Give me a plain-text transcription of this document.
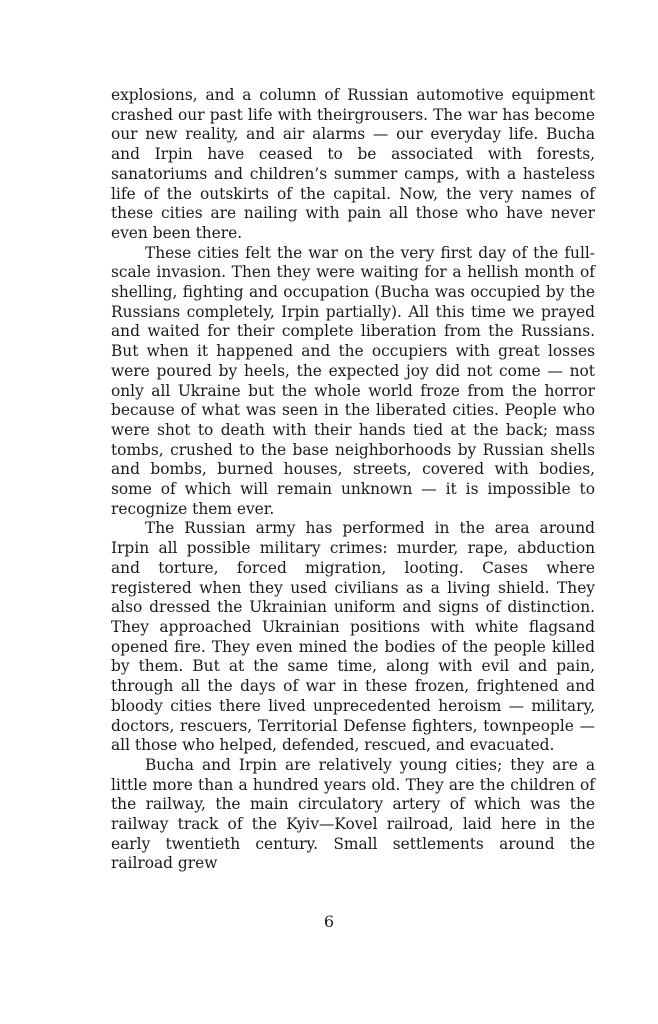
explosions, and a column of Russian automotive equipment crashed our past life with theirgrousers. The war has become our new reality, and air alarms — our everyday life. Bucha and Irpin have ceased to be associated with forests, sanatoriums and children’s summer camps, with a hasteless life of the outskirts of the capital. Now, the very names of these cities are nailing with pain all those who have never even been there.

These cities felt the war on the very first day of the full-scale invasion. Then they were waiting for a hellish month of shelling, fighting and occupation (Bucha was occupied by the Russians completely, Irpin partially). All this time we prayed and waited for their complete liberation from the Russians. But when it happened and the occupiers with great losses were poured by heels, the expected joy did not come — not only all Ukraine but the whole world froze from the horror because of what was seen in the liberated cities. People who were shot to death with their hands tied at the back; mass tombs, crushed to the base neighborhoods by Russian shells and bombs, burned houses, streets, covered with bodies, some of which will remain unknown — it is impossible to recognize them ever.

The Russian army has performed in the area around Irpin all possible military crimes: murder, rape, abduction and torture, forced migration, looting. Cases where registered when they used civilians as a living shield. They also dressed the Ukrainian uniform and signs of distinction. They approached Ukrainian positions with white flagsand opened fire. They even mined the bodies of the people killed by them. But at the same time, along with evil and pain, through all the days of war in these frozen, frightened and bloody cities there lived unprecedented heroism — military, doctors, rescuers, Territorial Defense fighters, townpeople — all those who helped, defended, rescued, and evacuated.

Bucha and Irpin are relatively young cities; they are a little more than a hundred years old. They are the children of the railway, the main circulatory artery of which was the railway track of the Kyiv—Kovel railroad, laid here in the early twentieth century. Small settlements around the railroad grew

6
